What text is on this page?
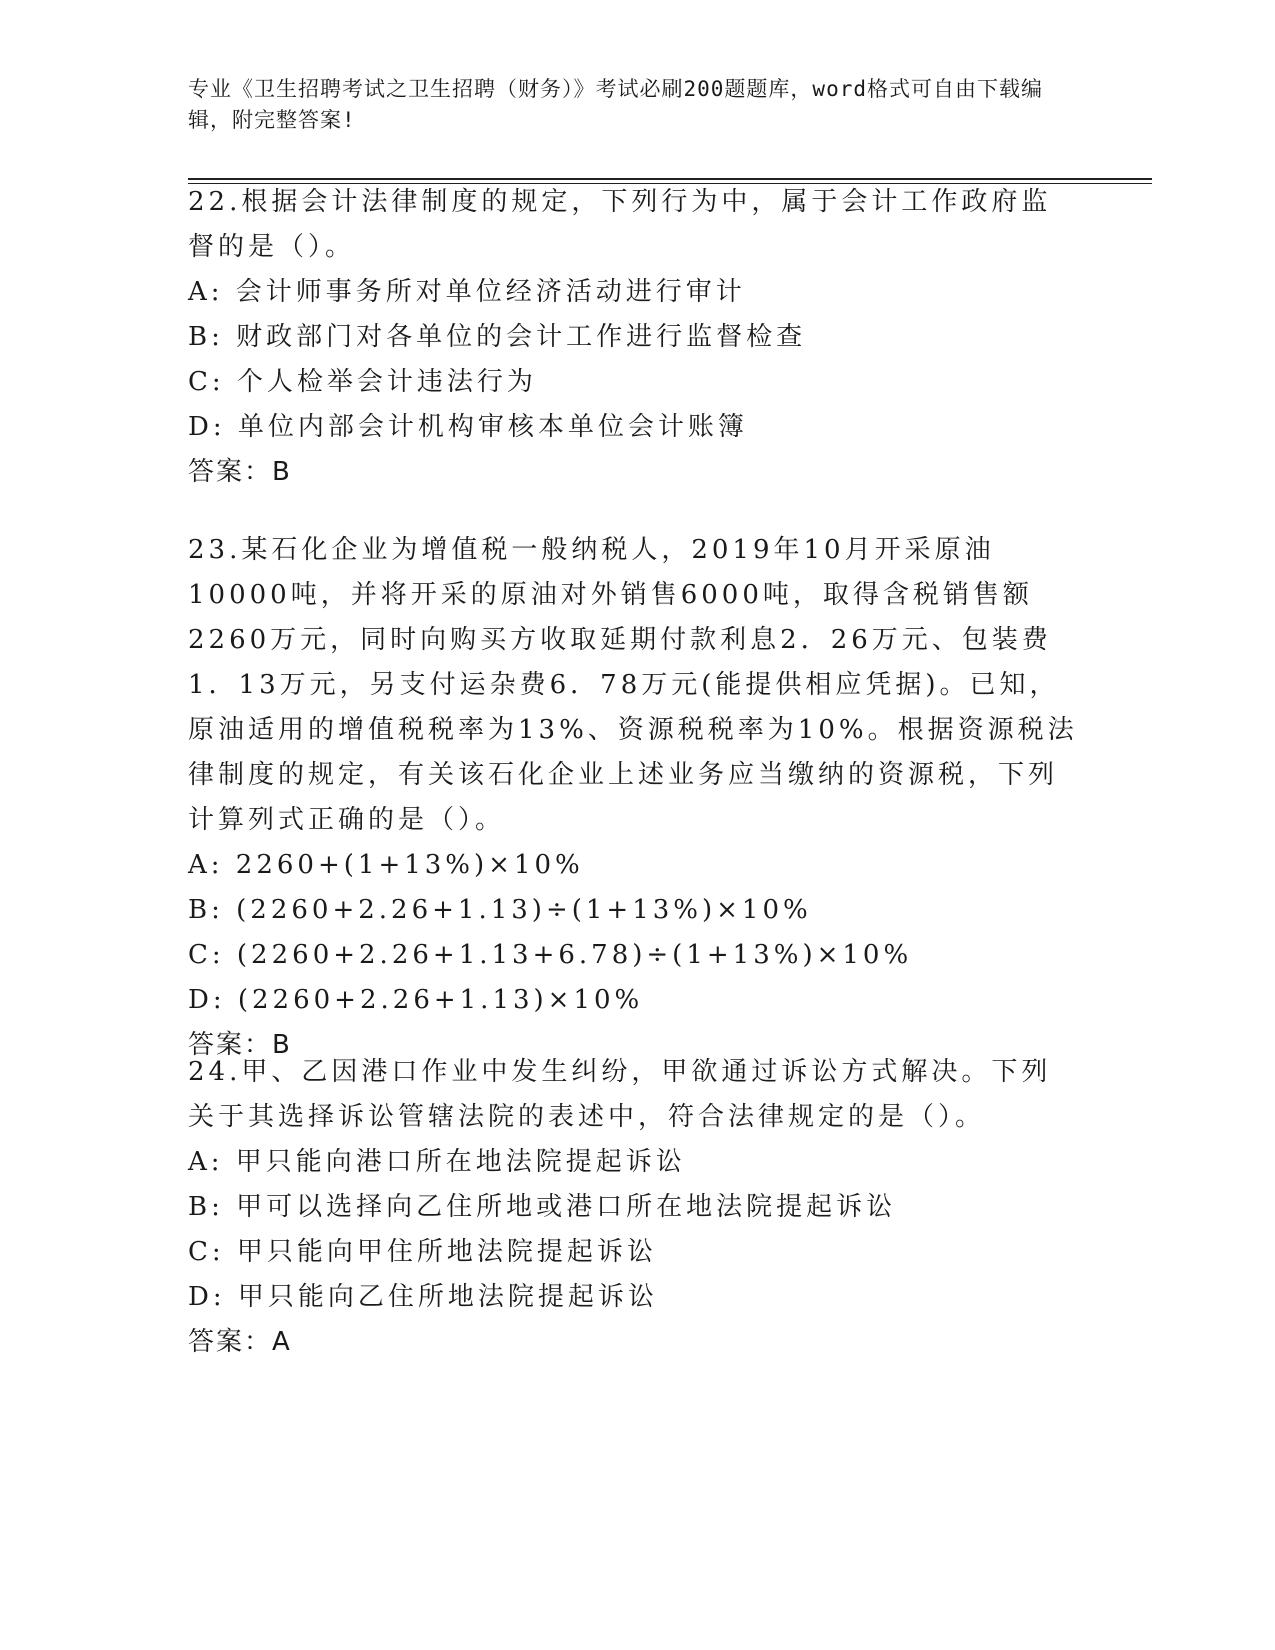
专业《卫生招聘考试之卫生招聘（财务）》考试必刷200题题库，word格式可自由下载编辑，附完整答案!

22.根据会计法律制度的规定，下列行为中，属于会计工作政府监督的是（）。

A: 会计师事务所对单位经济活动进行审计

B: 财政部门对各单位的会计工作进行监督检查

C: 个人检举会计违法行为

D: 单位内部会计机构审核本单位会计账簿

答案：B

23.某石化企业为增值税一般纳税人，2019年10月开采原油10000吨，并将开采的原油对外销售6000吨，取得含税销售额2260万元，同时向购买方收取延期付款利息2．26万元、包装费1．13万元，另支付运杂费6．78万元(能提供相应凭据)。已知，原油适用的增值税税率为13%、资源税税率为10%。根据资源税法律制度的规定，有关该石化企业上述业务应当缴纳的资源税，下列计算列式正确的是（）。

A: 2260+(1+13%)×10%

B: (2260+2.26+1.13)÷(1+13%)×10%

C: (2260+2.26+1.13+6.78)÷(1+13%)×10%

D: (2260+2.26+1.13)×10%

答案：B

24.甲、乙因港口作业中发生纠纷，甲欲通过诉讼方式解决。下列关于其选择诉讼管辖法院的表述中，符合法律规定的是（）。

A: 甲只能向港口所在地法院提起诉讼

B: 甲可以选择向乙住所地或港口所在地法院提起诉讼

C: 甲只能向甲住所地法院提起诉讼

D: 甲只能向乙住所地法院提起诉讼

答案：A
